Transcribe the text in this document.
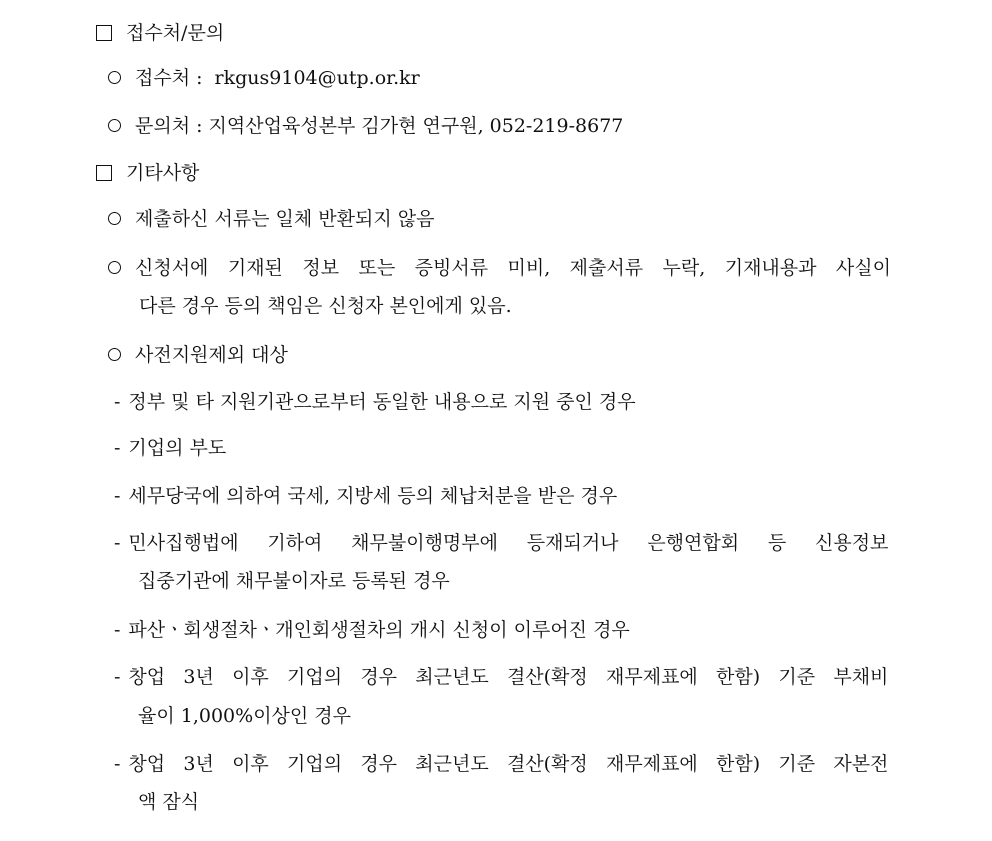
접수처/문의
접수처 : rkgus9104@utp.or.kr
문의처 : 지역산업육성본부 김가현 연구원, 052-219-8677
기타사항
제출하신 서류는 일체 반환되지 않음
신청서에 기재된 정보 또는 증빙서류 미비, 제출서류 누락, 기재내용과 사실이
다른 경우 등의 책임은 신청자 본인에게 있음.
사전지원제외 대상
- 정부 및 타 지원기관으로부터 동일한 내용으로 지원 중인 경우
- 기업의 부도
- 세무당국에 의하여 국세, 지방세 등의 체납처분을 받은 경우
- 민사집행법에 기하여 채무불이행명부에 등재되거나 은행연합회 등 신용정보
집중기관에 채무불이자로 등록된 경우
- 파산ㆍ회생절차ㆍ개인회생절차의 개시 신청이 이루어진 경우
- 창업 3년 이후 기업의 경우 최근년도 결산(확정 재무제표에 한함) 기준 부채비
율이 1,000%이상인 경우
- 창업 3년 이후 기업의 경우 최근년도 결산(확정 재무제표에 한함) 기준 자본전
액 잠식
